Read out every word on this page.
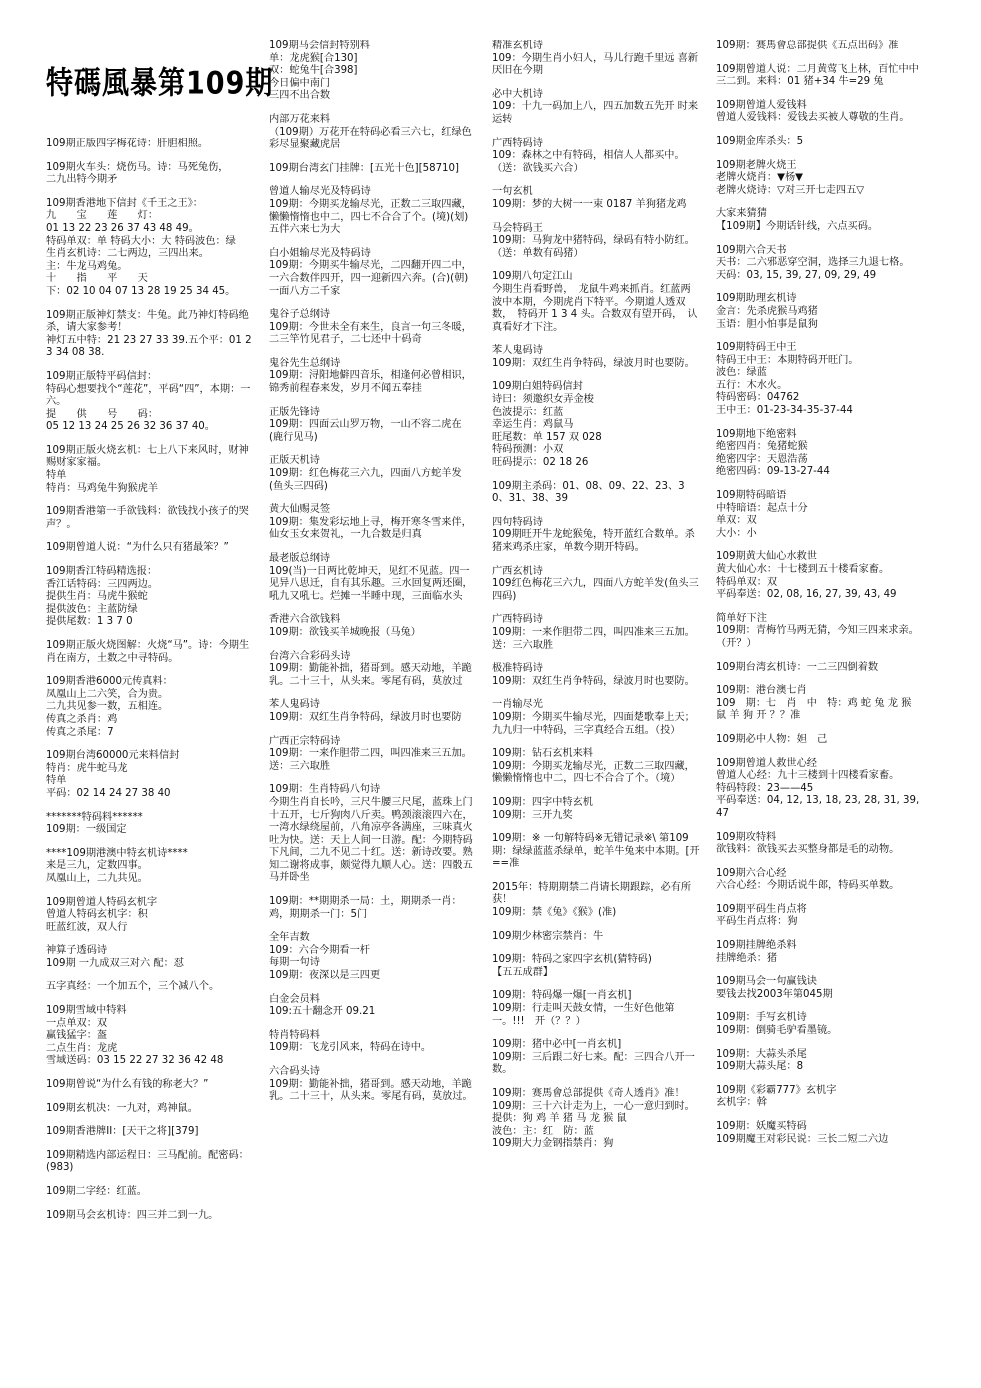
特碼風暴第109期
109期正版四字梅花诗：肝胆相照。
109期火车头：烧伤马。诗：马死兔伤，
二九出特今期矛
109期香港地下信封《千王之王》：
九　　宝　　莲　　灯：
01 13 22 23 26 37 43 48 49。
特码单双：单 特码大小：大 特码波色：绿
生肖玄机诗：二七两边，三四出来。
主：牛龙马鸡兔。
十　　指　　平　　天
下：02 10 04 07 13 28 19 25 34 45。
109期正版神灯禁支：牛兔。此乃神灯特码绝杀，请大家参考！
神灯五中特：21 23 27 33 39.五个平：01 23 34 08 38.
109期正版特平码信封：
特码心想要找个“莲花”，平码“四”，本期：一六。
提　　供　　号　　码：
05 12 13 24 25 26 32 36 37 40。
109期正版火烧玄机：七上八下来风时，财神赐财家家福。
特单
特肖：马鸡兔牛狗猴虎羊
109期香港第一手欲钱料：欲钱找小孩子的哭声？。
109期曾道人说：“为什么只有猪最笨？”
109期香江特码精选报：
香江话特码：三四两边。
提供生肖：马虎牛猴蛇
提供波色：主蓝防绿
提供尾数：1 3 7 0
109期正版火烧图解：火烧“马”。诗：今期生肖在南方，土数之中寻特码。
109期香港6000元传真料：
凤凰山上二六笑，合为贵。
二九共见参一数，五相连。
传真之杀肖：鸡
传真之杀尾：7
109期台湾60000元来料信封
特肖：虎牛蛇马龙
特单
平码：02 14 24 27 38 40
*******特码料******
109期：一级国定
****109期港澳中特玄机诗****
来是三九，定数四事。
凤凰山上，二九共见。
109期曾道人特码玄机字
曾道人特码玄机字：积
旺蓝红波，双人行
神算子透码诗
109期 一九成双三对六 配：怼
五字真经：一个加五个，三个减八个。
109期雪域中特料
一点单双：双
赢钱猛字：盔
二点生肖：龙虎
雪域送码：03 15 22 27 32 36 42 48
109期曾说“为什么有钱的称老大？”
109期玄机决：一九对，鸡神鼠。
109期香港牌II：[天干之将][379]
109期精选内部运程日：三马配前。配密码：(983)
109期二字经：红蓝。
109期马会玄机诗：四三并二到一九。
109期马会信封特别料
单：龙虎猴[合130]
双：蛇兔牛[合398]
今日偏中南门
三四不出合数
内部万花来料
（109期）万花开在特码必看三六七，红绿色彩尽显聚藏虎居
109期台湾玄门挂牌：[五光十色][58710]
曾道人输尽光及特码诗
109期：今期买龙输尽光，正数二三取四藏，懒懒惰惰也中二，四七不合合了个。(境)(划)五伴六来七为大
白小姐输尽光及特码诗
109期：今期买牛输尽光，二四翻开四二中，一六合数伴四开，四一迎新四六奔。(合)(朝)一面八方二千家
鬼谷子总纲诗
109期：今世未全有来生，良言一句三冬暖，二三竿竹见君子，二七还中十码奇
鬼谷先生总纲诗
109期：浔阳地僻四音乐，相逢何必曾相识，锦秀前程春来发，岁月不闻五奉挂
正版先锋诗
109期：四面云山罗万物，一山不容二虎在(鹿行见马)
正版天机诗
109期：红色梅花三六九，四面八方蛇羊发(鱼头三四码)
黄大仙赐灵签
109期：集发彩坛地上寻，梅开寒冬雪来伴，仙女玉女来贺礼，一九合数是归真
最老版总纲诗
109(当)一日两比乾坤天，见红不见蓝。四一见异八思迁，自有其乐趣。三水回复两还圈，吼九又吼七。烂摊一半睡中现，三面临水头
香港六合欲钱料
109期：欲钱买羊城晚报（马兔）
台湾六合彩码头诗
109期：勤能补拙，猪哥到。感天动地，羊跪乳。二十三十，从头来。零尾有码，莫放过
苯人鬼码诗
109期：双红生肖争特码，绿波月时也要防
广西正宗特码诗
109期：一来作胆带二四，叫四准来三五加。送：三六取胜
109期：生肖特码八句诗
今期生肖自长吟，三尺牛腰三尺尾，蓝珠上门十五开，七斤狗肉八斤卖。鸭颈滚滚四六在，一湾水绿绕屋前，八角凉亭各满座，三味真火吐为快。送：天上人间一日游。配：今期特码下凡间，二九不见二十红。送：新诗改要。熟知二谢将成事，颇觉得九顺人心。送：四骰五马并卧坐
109期：**期期杀一局：土，期期杀一肖：鸡，期期杀一门：5门
全年吉数
109：六合今期看一杆
每期一句诗
109期：夜深以是三四更
白金会员料
109:五十翻念开 09.21
特肖特码料
109期：飞龙引风来，特码在诗中。
六合码头诗
109期：勤能补拙，猪哥到。感天动地，羊跪乳。二十三十，从头来。零尾有码，莫放过。
精准玄机诗
109：今期生肖小妇人，马儿行跑千里远 喜新厌旧在今期
必中大机诗
109：十九一码加上八，四五加数五先开 时来运转
广西特码诗
109：森林之中有特码，相信人人都买中。（送：欲钱买六合）
一句玄机
109期：梦的大树一一束 0187 羊狗猪龙鸡
马会特码王
109期：马狗龙中猪特码，绿码有特小防红。（送：单数有码猪）
109期八句定江山
今期生肖看野兽，　龙鼠牛鸡来抓肖。红蓝两波中本期，今期虎肖下特平。今期道人透双数，　特码开 1 3 4 头。合数双有望开码，　认真看好才下注。
苯人鬼码诗
109期：双红生肖争特码，绿波月时也要防。
109期白姐特码信封
诗曰：须邀织女弄金梭
色波提示：红蓝
幸运生肖：鸡鼠马
旺尾数：单 157 双 028
特码预测：小双
旺码提示：02 18 26
109期主杀码：01、08、09、22、23、30、31、38、39
四句特码诗
109期旺开牛龙蛇猴兔，特开蓝红合数单。杀猪来鸡杀庄家，单数今期开特码。
广西玄机诗
109红色梅花三六九，四面八方蛇羊发(鱼头三四码)
广西特码诗
109期：一来作胆带二四，叫四准来三五加。送：三六取胜
极准特码诗
109期：双红生肖争特码，绿波月时也要防。
一肖输尽光
109期：今期买牛输尽光，四面楚歌奉上天；九九归一中特码，三字真经合五组。（投）
109期：钻石玄机来料
109期：今期买龙输尽光，正数二三取四藏，懒懒惰惰也中二，四七不合合了个。（境）
109期：四字中特玄机
109期：三开九奖
109期：※ 一句解特码※无错记录※\ 第109期：绿绿蓝蓝杀绿单，蛇羊牛兔来中本期。[开==准
2015年：特期期禁二肖请长期跟踪，必有所获！
109期：禁《兔》《猴》(准)
109期少林密宗禁肖：牛
109期：特码之家四字玄机(猜特码)
【五五成群】
109期：特码爆一爆[一肖玄机]
109期：行走叫天鼓女情，一生好色他第一。!!!　开（？？）
109期：猪中必中[一肖玄机]
109期：三后跟二好七来。配：三四合八开一数。
109期：赛馬會总部提供《奇人透肖》准！
109期：三十六计走为上，一心一意归到时。
提供：狗 鸡 羊 猪 马 龙 猴 鼠
波色：主：红　防：蓝
109期大力金钢指禁肖：狗
109期：赛馬會总部提供《五点出码》准
109期曾道人说：二月黄莺飞上林，百忙中中三二到。来料：01 猪+34 牛=29 兔
109期曾道人爱钱料
曾道人爱钱料：爱钱去买被人尊敬的生肖。
109期金库杀头：5
109期老牌火烧王
老牌火烧肖：▼杨▼
老牌火烧诗：▽对三开七走四五▽
大家来猜猜
【109期】今期话针线，六点买码。
109期六合天书
天书：二六邪恶穿空洞，选择三九退七格。
天码：03, 15, 39, 27, 09, 29, 49
109期助理玄机诗
金言：先杀虎猴马鸡猪
玉语：胆小怕事是鼠狗
109期特码王中王
特码王中王：本期特码开旺门。
波色：绿蓝
五行：木水火。
特码密码：04762
王中王：01-23-34-35-37-44
109期地下绝密料
绝密四肖：兔猪蛇猴
绝密四字：天恩浩荡
绝密四码：09-13-27-44
109期特码暗语
中特暗语：起点十分
单双：双
大小：小
109期黄大仙心水救世
黄大仙心水：十七楼到五十楼看家畜。
特码单双：双
平码奉送：02, 08, 16, 27, 39, 43, 49
简单好下注
109期：青梅竹马两无猜，今知三四来求亲。（开？）
109期台湾玄机诗：一二三四倒着数
109期：港台澳七肖
109　期：七　肖　中　特：鸡 蛇 兔 龙 猴 鼠 羊 狗 开 ？？准
109期必中人物：妲　己
109期曾道人救世心经
曾道人心经：九十三楼到十四楼看家畜。
特码特段：23——45
平码奉送：04, 12, 13, 18, 23, 28, 31, 39, 47
109期攻特料
欲钱料：欲钱买去买整身都是毛的动物。
109期六合心经
六合心经：今期话说牛郎，特码买单数。
109期平码生肖点将
平码生肖点将：狗
109期挂牌绝杀料
挂牌绝杀：猪
109期马会一句赢钱诀
要钱去找2003年第045期
109期：手写玄机诗
109期：倒骑毛驴看墨镜。
109期：大蒜头杀尾
109期大蒜头尾：8
109期《彩霸777》玄机字
玄机字：斡
109期：妖魔买特码
109期魔王对彩民说：三长二短二六边
